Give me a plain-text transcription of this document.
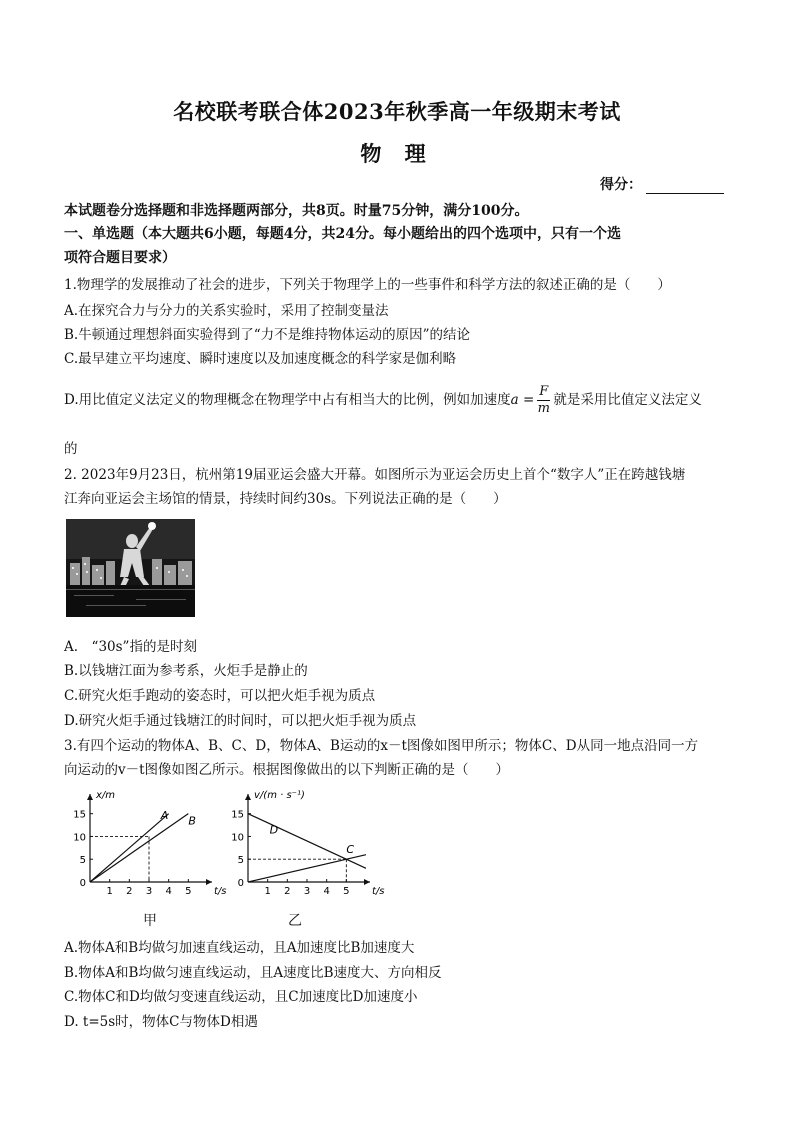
名校联考联合体2023年秋季高一年级期末考试
物 理
得分：
本试题卷分选择题和非选择题两部分，共8页。时量75分钟，满分100分。
一、单选题（本大题共6小题，每题4分，共24分。每小题给出的四个选项中，只有一个选
项符合题目要求）
1.物理学的发展推动了社会的进步，下列关于物理学上的一些事件和科学方法的叙述正确的是（　　）
A.在探究合力与分力的关系实验时，采用了控制变量法
B.牛顿通过理想斜面实验得到了“力不是维持物体运动的原因”的结论
C.最早建立平均速度、瞬时速度以及加速度概念的科学家是伽利略
D.用比值定义法定义的物理概念在物理学中占有相当大的比例，例如加速度$a = \frac{F}{m}$ 就是采用比值定义法定义
的
2. 2023年9月23日，杭州第19届亚运会盛大开幕。如图所示为亚运会历史上首个“数字人”正在跨越钱塘
江奔向亚运会主场馆的情景，持续时间约30s。下列说法正确的是（　　）
A.　“30s”指的是时刻
B.以钱塘江面为参考系，火炬手是静止的
C.研究火炬手跑动的姿态时，可以把火炬手视为质点
D.研究火炬手通过钱塘江的时间时，可以把火炬手视为质点
3.有四个运动的物体A、B、C、D，物体A、B运动的x－t图像如图甲所示；物体C、D从同一地点沿同一方
向运动的v－t图像如图乙所示。根据图像做出的以下判断正确的是（　　）
1 2 3 4 5
5
10
15
0
t/s
x/m
A B
甲
1 2 3 4 5
5
10
15
0
t/s
v/(m · s⁻¹)
D
C
乙
A.物体A和B均做匀加速直线运动，且A加速度比B加速度大
B.物体A和B均做匀速直线运动，且A速度比B速度大、方向相反
C.物体C和D均做匀变速直线运动，且C加速度比D加速度小
D. t=5s时，物体C与物体D相遇
